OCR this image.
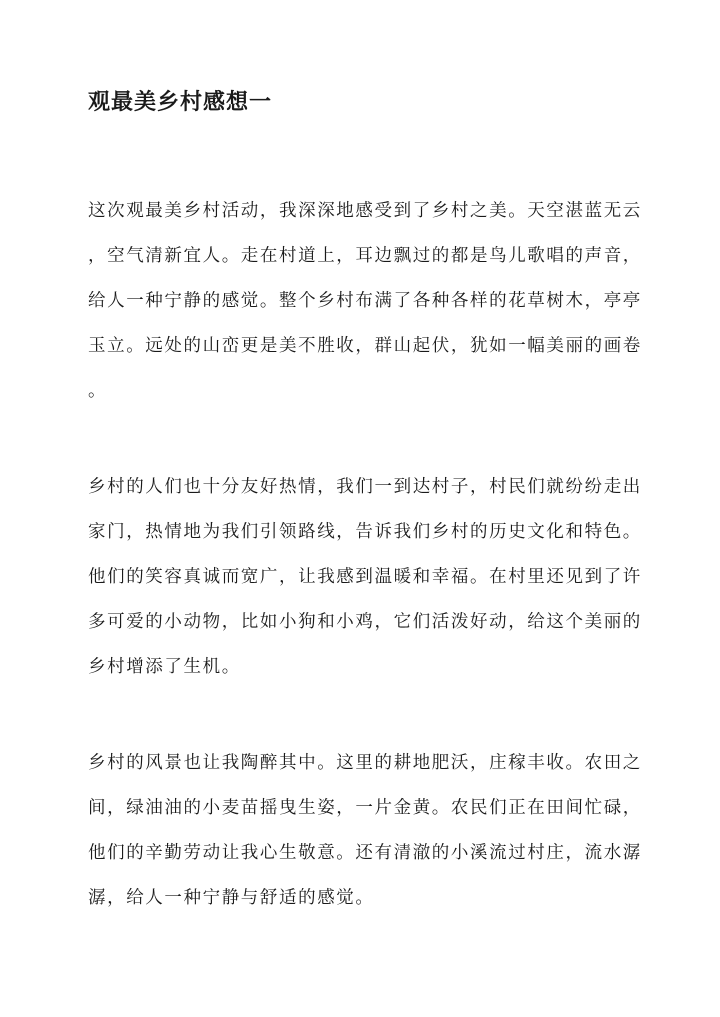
观最美乡村感想一
这次观最美乡村活动，我深深地感受到了乡村之美。天空湛蓝无云
，空气清新宜人。走在村道上，耳边飘过的都是鸟儿歌唱的声音，
给人一种宁静的感觉。整个乡村布满了各种各样的花草树木，亭亭
玉立。远处的山峦更是美不胜收，群山起伏，犹如一幅美丽的画卷
。
乡村的人们也十分友好热情，我们一到达村子，村民们就纷纷走出
家门，热情地为我们引领路线，告诉我们乡村的历史文化和特色。
他们的笑容真诚而宽广，让我感到温暖和幸福。在村里还见到了许
多可爱的小动物，比如小狗和小鸡，它们活泼好动，给这个美丽的
乡村增添了生机。
乡村的风景也让我陶醉其中。这里的耕地肥沃，庄稼丰收。农田之
间，绿油油的小麦苗摇曳生姿，一片金黄。农民们正在田间忙碌，
他们的辛勤劳动让我心生敬意。还有清澈的小溪流过村庄，流水潺
潺，给人一种宁静与舒适的感觉。
